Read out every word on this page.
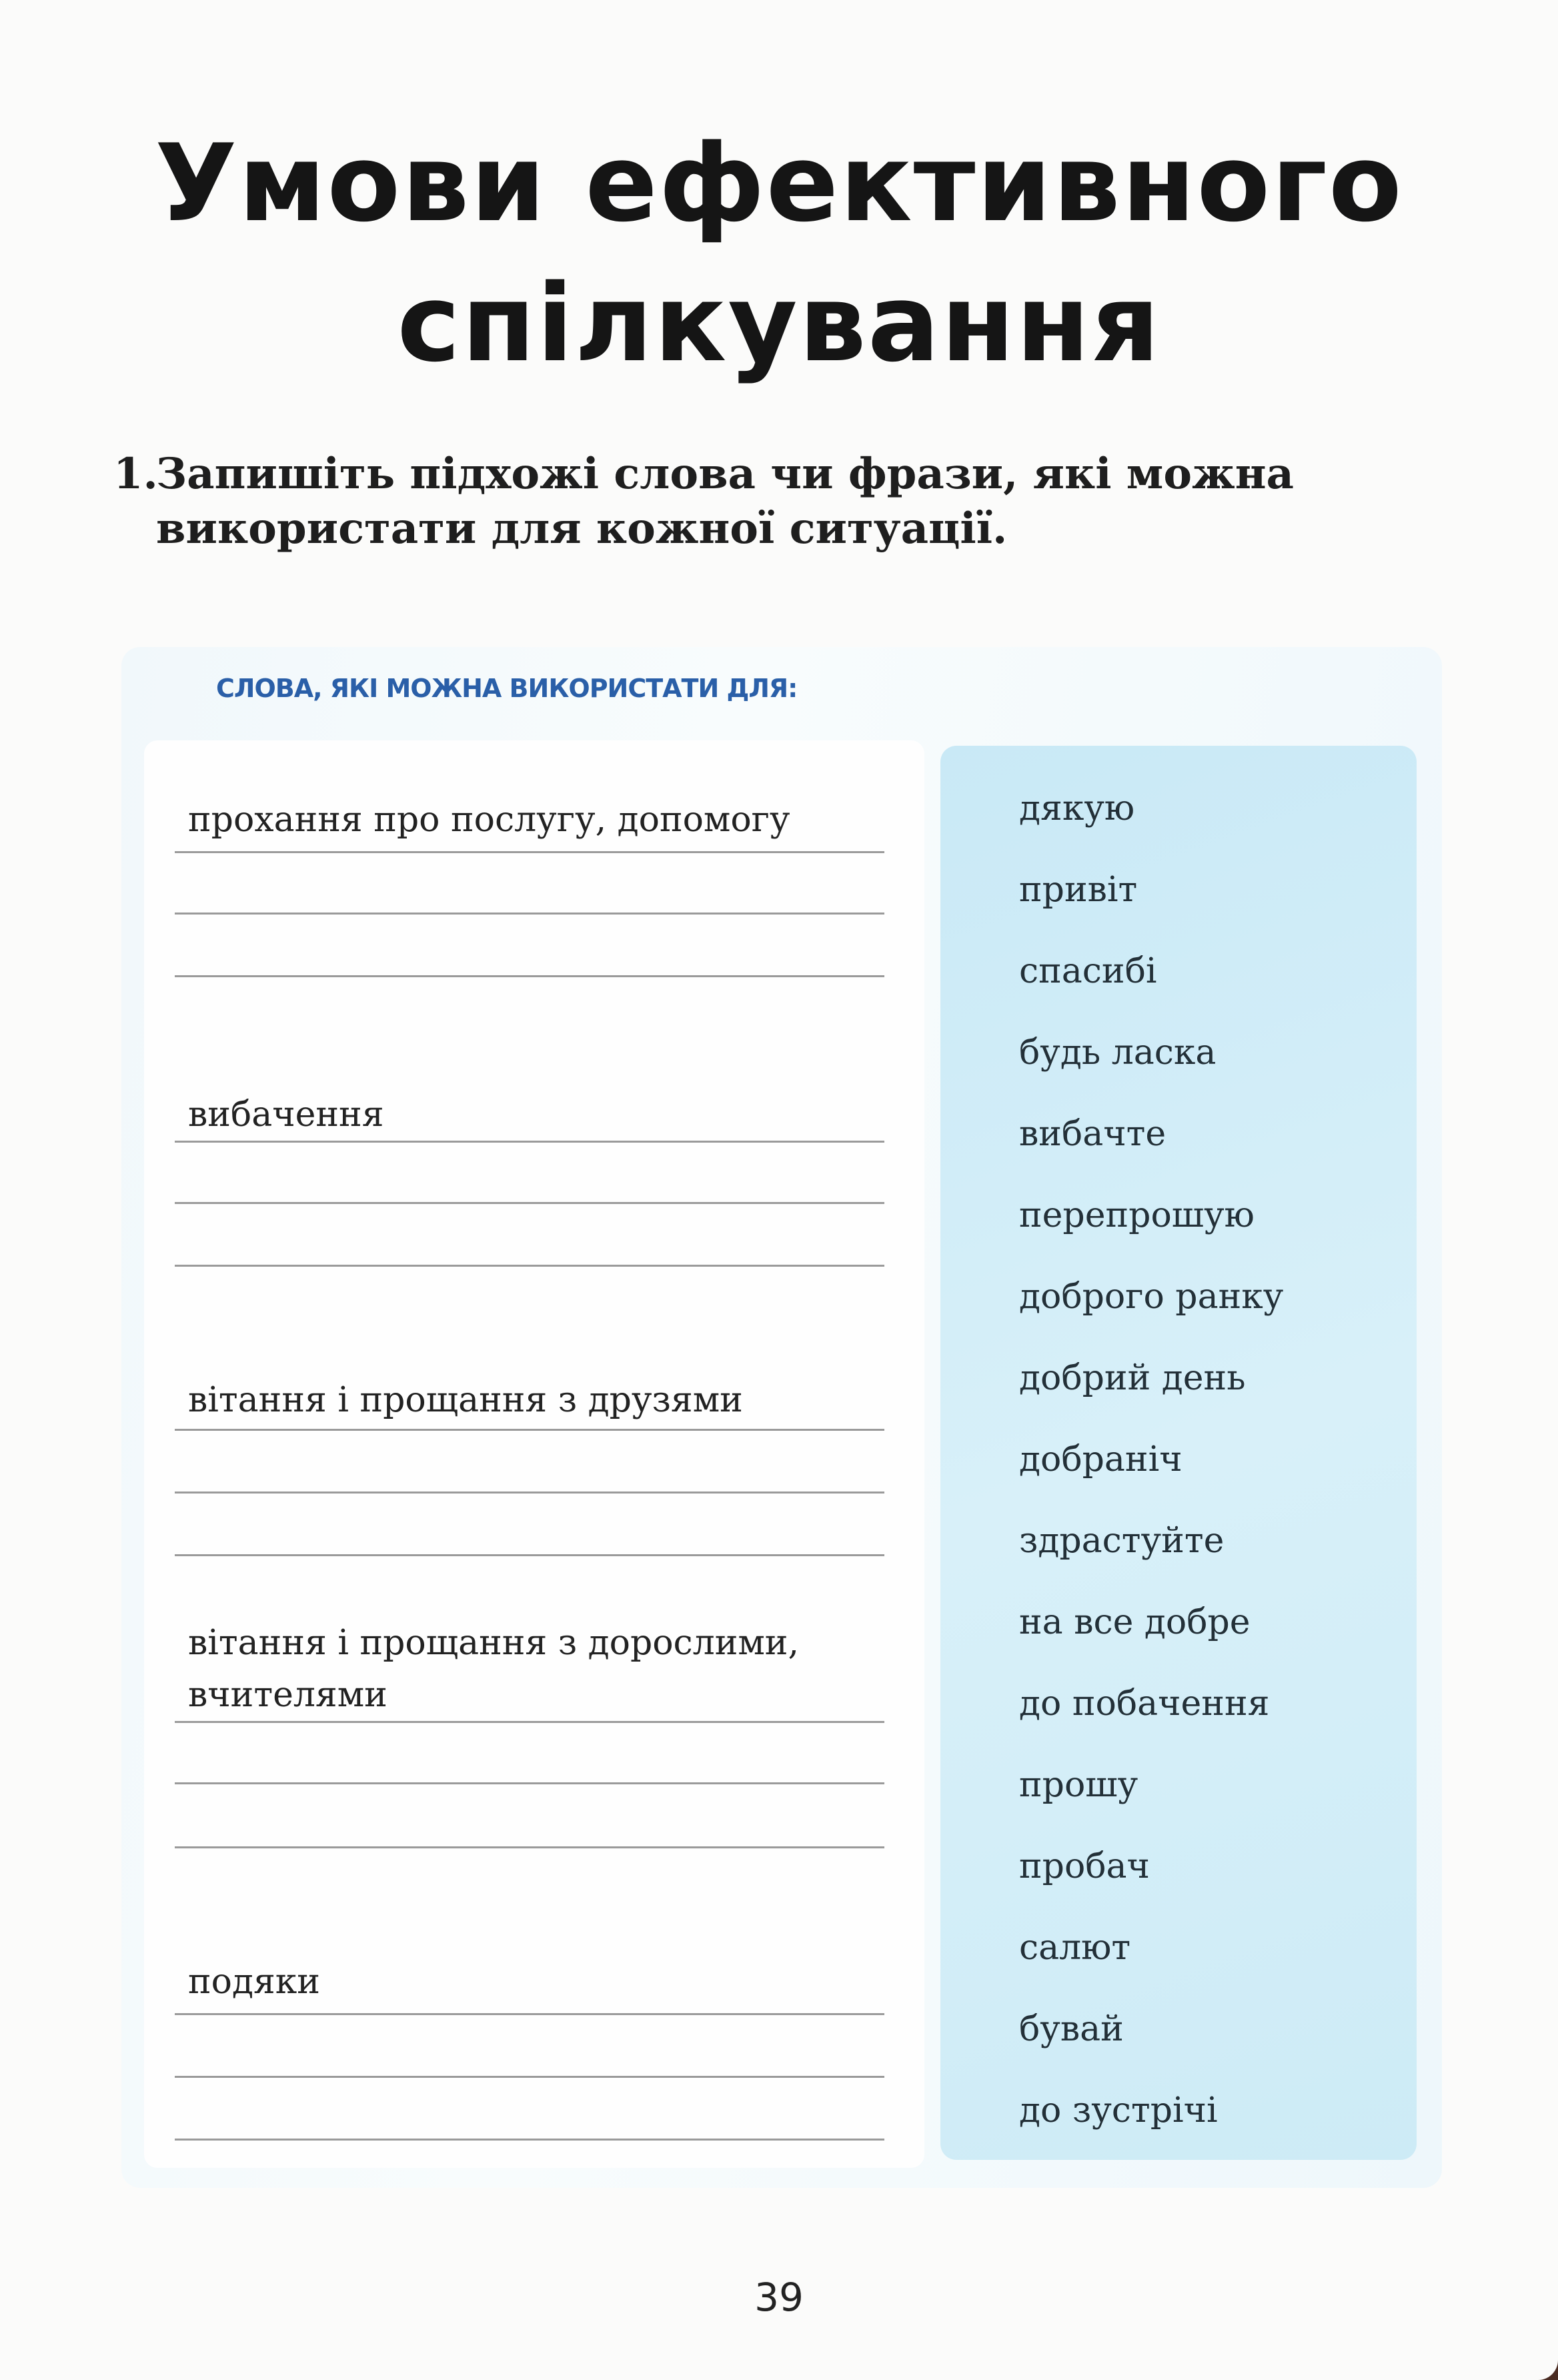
Умови ефективного
спілкування
1.
Запишіть підхожі слова чи фрази, які можна використати для кожної ситуації.
СЛОВА, ЯКІ МОЖНА ВИКОРИСТАТИ ДЛЯ:
прохання про послугу, допомогу
вибачення
вітання і прощання з друзями
вітання і прощання з дорослими, вчителями
подяки
дякую
привіт
спасибі
будь ласка
вибачте
перепрошую
доброго ранку
добрий день
добраніч
здрастуйте
на все добре
до побачення
прошу
пробач
салют
бувай
до зустрічі
39
